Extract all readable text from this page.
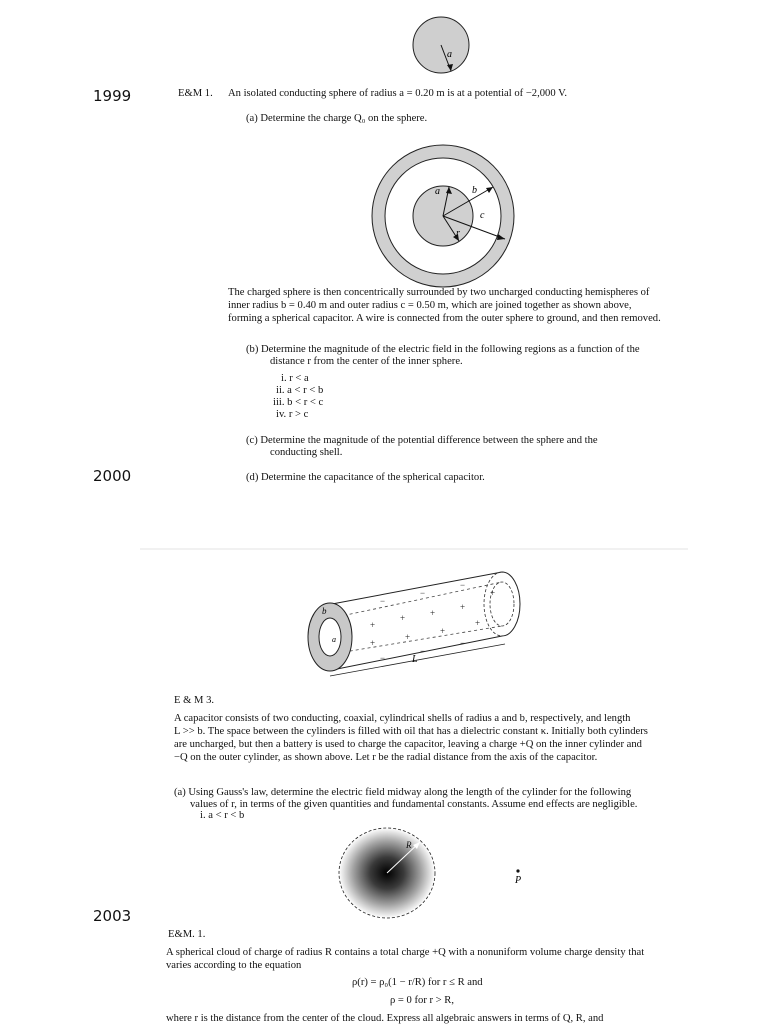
1999
2000
2003
a
E&M 1. An isolated conducting sphere of radius a = 0.20 m is at a potential of −2,000 V.
(a) Determine the charge Q₀ on the sphere.
a	b
c
r
The charged sphere is then concentrically surrounded by two uncharged conducting hemispheres of
inner radius b = 0.40 m and outer radius c = 0.50 m, which are joined together as shown above,
forming a spherical capacitor. A wire is connected from the outer sphere to ground, and then removed.
(b) Determine the magnitude of the electric field in the following regions as a function of the
distance r from the center of the inner sphere.
i. r < a
ii. a < r < b
iii. b < r < c
iv. r > c
(c) Determine the magnitude of the potential difference between the sphere and the
conducting shell.
(d) Determine the capacitance of the spherical capacitor.
+
+	+
+
+
+
+
+
+
−
−
−
−
−
−
L
b
a
E & M 3.
A capacitor consists of two conducting, coaxial, cylindrical shells of radius a and b, respectively, and length
L >> b. The space between the cylinders is filled with oil that has a dielectric constant κ. Initially both cylinders
are uncharged, but then a battery is used to charge the capacitor, leaving a charge +Q on the inner cylinder and
−Q on the outer cylinder, as shown above. Let r be the radial distance from the axis of the capacitor.
(a) Using Gauss's law, determine the electric field midway along the length of the cylinder for the following
values of r, in terms of the given quantities and fundamental constants. Assume end effects are negligible.
i. a < r < b
R
P
E&M. 1.
A spherical cloud of charge of radius R contains a total charge +Q with a nonuniform volume charge density that
varies according to the equation
ρ(r) = ρ₀(1 − r/R) for r ≤ R and
ρ = 0 for r > R,
where r is the distance from the center of the cloud. Express all algebraic answers in terms of Q, R, and
